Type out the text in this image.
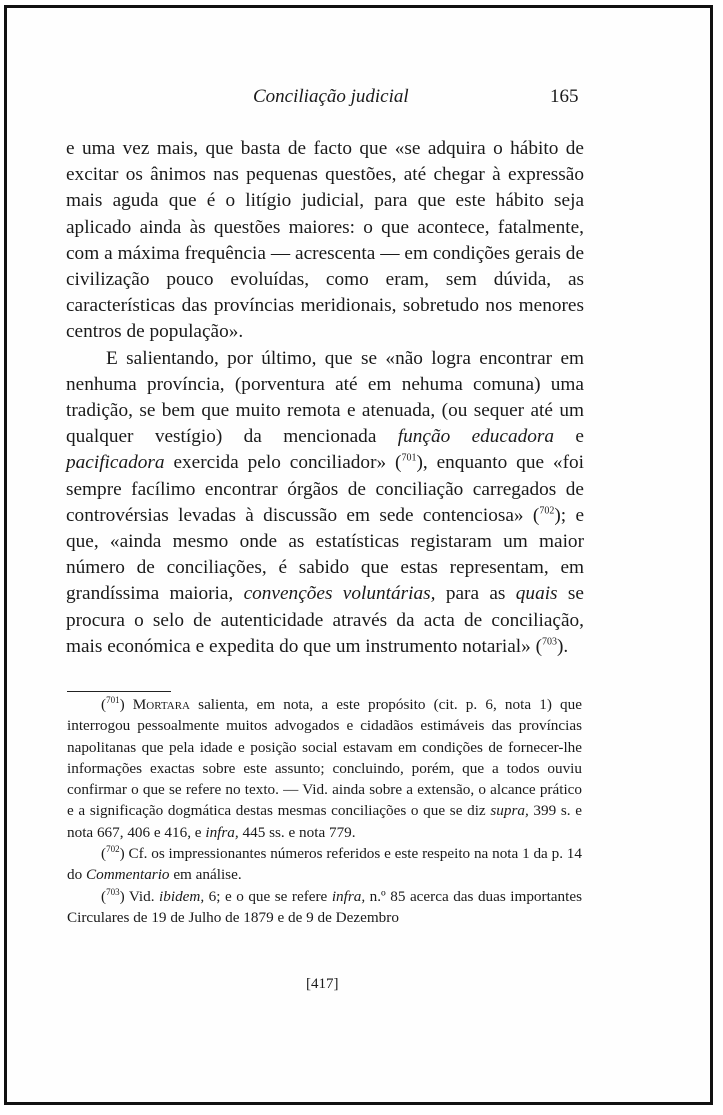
Conciliação judicial	165

e uma vez mais, que basta de facto que «se adquira o hábito de excitar os ânimos nas pequenas questões, até chegar à expressão mais aguda que é o litígio judicial, para que este hábito seja aplicado ainda às questões maiores: o que acontece, fatalmente, com a máxima frequência — acrescenta — em condições gerais de civilização pouco evoluídas, como eram, sem dúvida, as características das províncias meridionais, sobretudo nos menores centros de população».

E salientando, por último, que se «não logra encontrar em nenhuma província, (porventura até em nehuma comuna) uma tradição, se bem que muito remota e atenuada, (ou sequer até um qualquer vestígio) da mencionada função educadora e pacificadora exercida pelo conciliador» ($^{701}$), enquanto que «foi sempre facílimo encontrar órgãos de conciliação carregados de controvérsias levadas à discussão em sede contenciosa» ($^{702}$); e que, «ainda mesmo onde as estatísticas registaram um maior número de conciliações, é sabido que estas representam, em grandíssima maioria, convenções voluntárias, para as quais se procura o selo de autenticidade através da acta de conciliação, mais económica e expedita do que um instrumento notarial» ($^{703}$).

($^{701}$) Mortara salienta, em nota, a este propósito (cit. p. 6, nota 1) que interrogou pessoalmente muitos advogados e cidadãos estimáveis das províncias napolitanas que pela idade e posição social estavam em condições de fornecer-lhe informações exactas sobre este assunto; concluindo, porém, que a todos ouviu confirmar o que se refere no texto. — Vid. ainda sobre a extensão, o alcance prático e a significação dogmática destas mesmas conciliações o que se diz supra, 399 s. e nota 667, 406 e 416, e infra, 445 ss. e nota 779.

($^{702}$) Cf. os impressionantes números referidos e este respeito na nota 1 da p. 14 do Commentario em análise.

($^{703}$) Vid. ibidem, 6; e o que se refere infra, n.º 85 acerca das duas importantes Circulares de 19 de Julho de 1879 e de 9 de Dezembro

[417]
